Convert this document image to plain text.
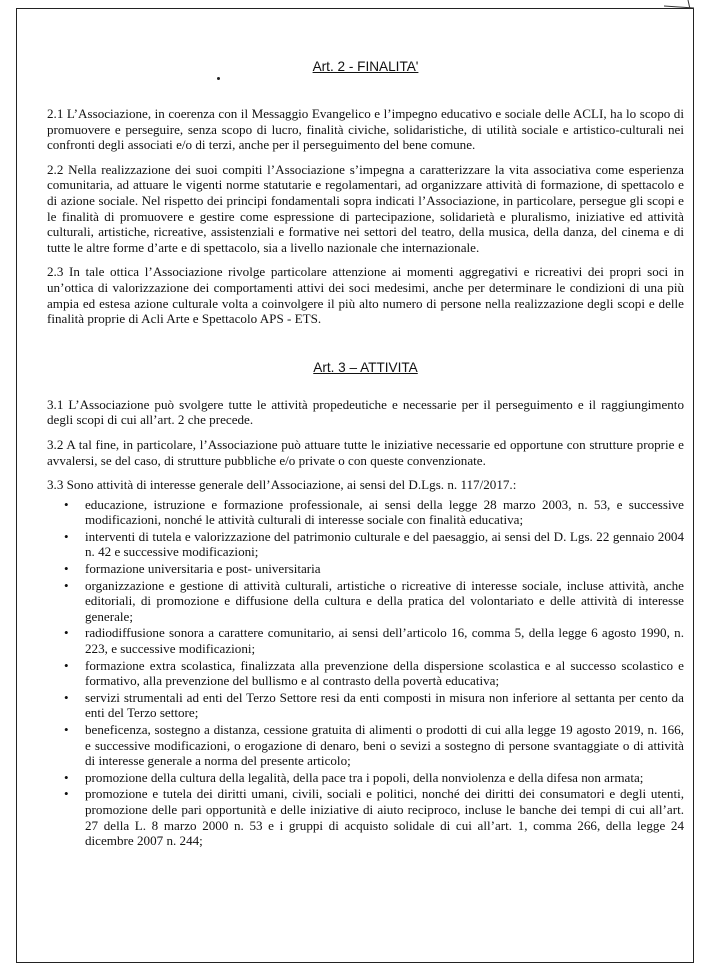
Art. 2 - FINALITA'

2.1 L’Associazione, in coerenza con il Messaggio Evangelico e l’impegno educativo e sociale delle ACLI, ha lo scopo di promuovere e perseguire, senza scopo di lucro, finalità civiche, solidaristiche, di utilità sociale e artistico-culturali nei confronti degli associati e/o di terzi, anche per il perseguimento del bene comune.

2.2 Nella realizzazione dei suoi compiti l’Associazione s’impegna a caratterizzare la vita associativa come esperienza comunitaria, ad attuare le vigenti norme statutarie e regolamentari, ad organizzare attività di formazione, di spettacolo e di azione sociale. Nel rispetto dei principi fondamentali sopra indicati l’Associazione, in particolare, persegue gli scopi e le finalità di promuovere e gestire come espressione di partecipazione, solidarietà e pluralismo, iniziative ed attività culturali, artistiche, ricreative, assistenziali e formative nei settori del teatro, della musica, della danza, del cinema e di tutte le altre forme d’arte e di spettacolo, sia a livello nazionale che internazionale.

2.3 In tale ottica l’Associazione rivolge particolare attenzione ai momenti aggregativi e ricreativi dei propri soci in un’ottica di valorizzazione dei comportamenti attivi dei soci medesimi, anche per determinare le condizioni di una più ampia ed estesa azione culturale volta a coinvolgere il più alto numero di persone nella realizzazione degli scopi e delle finalità proprie di Acli Arte e Spettacolo APS - ETS.

Art. 3 – ATTIVITA

3.1 L’Associazione può svolgere tutte le attività propedeutiche e necessarie per il perseguimento e il raggiungimento degli scopi di cui all’art. 2 che precede.

3.2 A tal fine, in particolare, l’Associazione può attuare tutte le iniziative necessarie ed opportune con strutture proprie e avvalersi, se del caso, di strutture pubbliche e/o private o con queste convenzionate.

3.3 Sono attività di interesse generale dell’Associazione, ai sensi del D.Lgs. n. 117/2017.:

• educazione, istruzione e formazione professionale, ai sensi della legge 28 marzo 2003, n. 53, e successive modificazioni, nonché le attività culturali di interesse sociale con finalità educativa;
• interventi di tutela e valorizzazione del patrimonio culturale e del paesaggio, ai sensi del D. Lgs. 22 gennaio 2004 n. 42 e successive modificazioni;
• formazione universitaria e post- universitaria
• organizzazione e gestione di attività culturali, artistiche o ricreative di interesse sociale, incluse attività, anche editoriali, di promozione e diffusione della cultura e della pratica del volontariato e delle attività di interesse generale;
• radiodiffusione sonora a carattere comunitario, ai sensi dell’articolo 16, comma 5, della legge 6 agosto 1990, n. 223, e successive modificazioni;
• formazione extra scolastica, finalizzata alla prevenzione della dispersione scolastica e al successo scolastico e formativo, alla prevenzione del bullismo e al contrasto della povertà educativa;
• servizi strumentali ad enti del Terzo Settore resi da enti composti in misura non inferiore al settanta per cento da enti del Terzo settore;
• beneficenza, sostegno a distanza, cessione gratuita di alimenti o prodotti di cui alla legge 19 agosto 2019, n. 166, e successive modificazioni, o erogazione di denaro, beni o sevizi a sostegno di persone svantaggiate o di attività di interesse generale a norma del presente articolo;
• promozione della cultura della legalità, della pace tra i popoli, della nonviolenza e della difesa non armata;
• promozione e tutela dei diritti umani, civili, sociali e politici, nonché dei diritti dei consumatori e degli utenti, promozione delle pari opportunità e delle iniziative di aiuto reciproco, incluse le banche dei tempi di cui all’art. 27 della L. 8 marzo 2000 n. 53 e i gruppi di acquisto solidale di cui all’art. 1, comma 266, della legge 24 dicembre 2007 n. 244;
